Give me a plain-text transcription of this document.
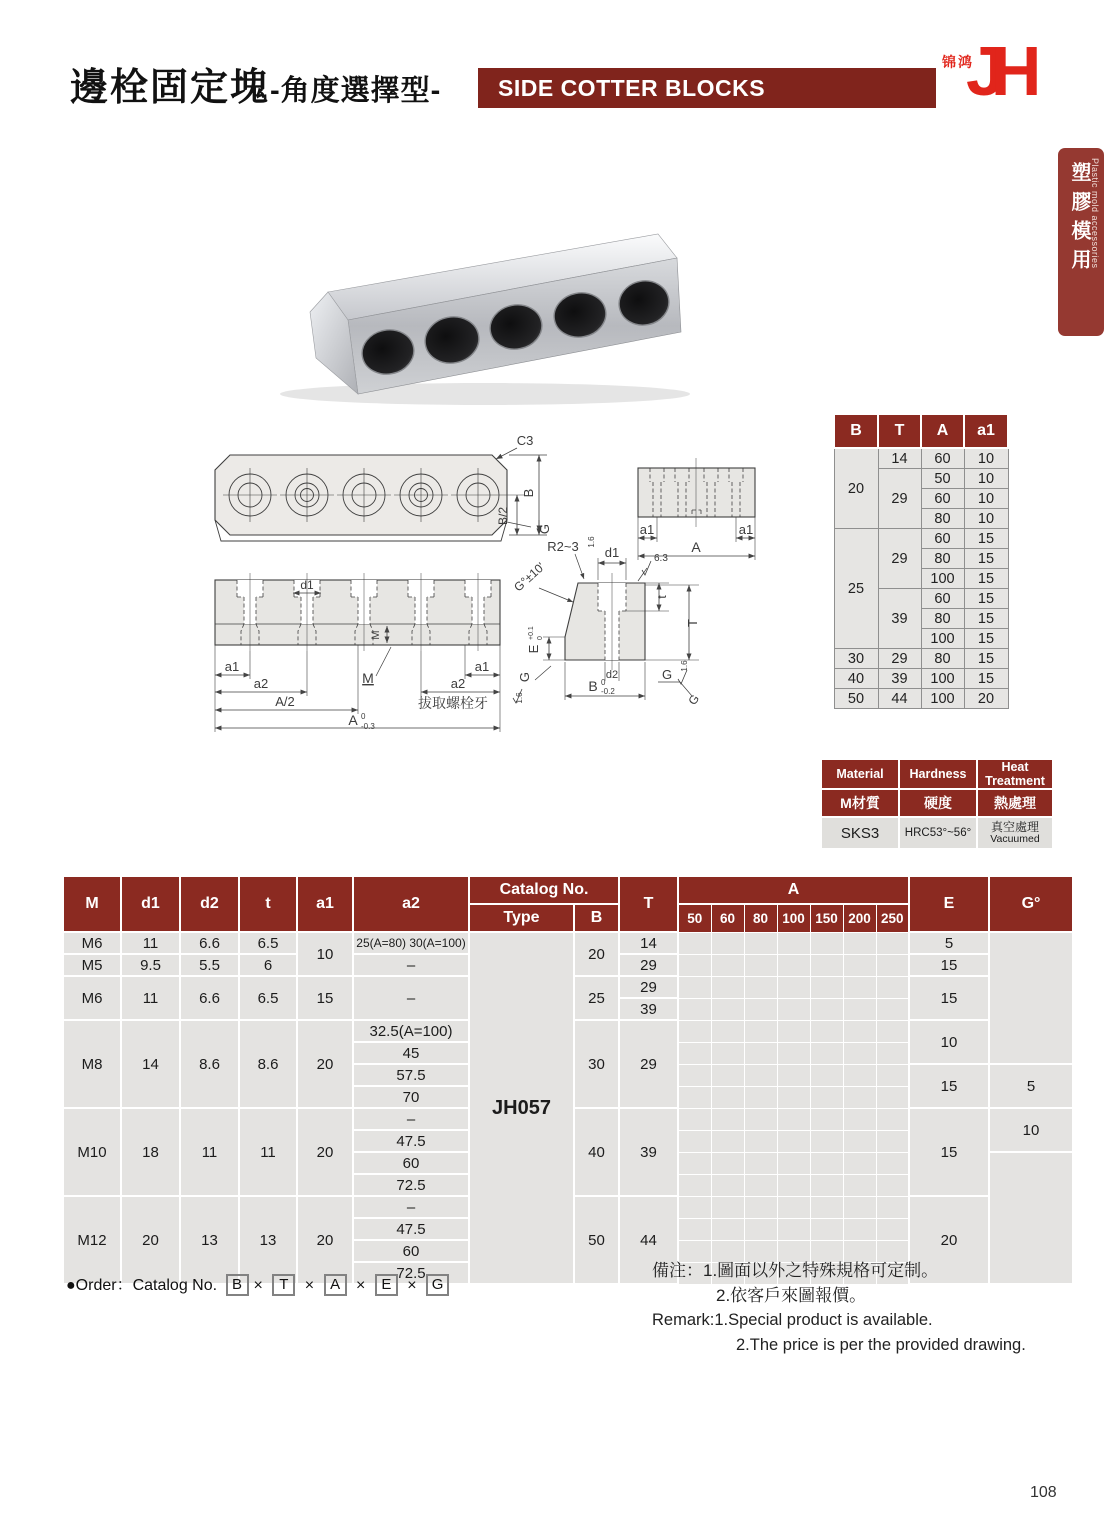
邊栓固定塊-角度選擇型- SIDE COTTER BLOCKS
锦鸿
JH
塑膠模用 Plastic mold accessories
C3
B/2
B
G
d1
M
a1	a1
a2	a2
A/2
A 0
-0.3
M
拔取螺栓牙
a1	a1
A
R2~3 1.6
G°±10'
d1	6.3
t
T
E
+0.1 0
G
1.6
d2
B 0
-0.2
G
1.6
G
B	T	A	a1
20	14	60	10
	29	50	10
		60	10
		80	10
25	29	60	15
		80	15
		100	15
	39	60	15
		80	15
		100	15
30	29	80	15
40	39	100	15
50	44	100	20
Material	Hardness	Heat Treatment
M材質	硬度	熱處理
SKS3	HRC53°~56°	真空處理
Vacuumed
M	d1	d2	t	a1	a2	Catalog No.		T	A							E	G°
						Type	B		50	60	80	100	150	200	250		
M6	11	6.6	6.5	10	25(A=80) 30(A=100)	JH057	20	14								5	
M5	9.5	5.5	6		–			29								15	
M6	11	6.6	6.5	15	–		25	29								15	
								39									
M8	14	8.6	8.6	20	32.5(A=100)		30	29								10	
					45												
					57.5											15	5
					70												
M10	18	11	11	20	–		40	39								15	10
					47.5												
					60												
					72.5												
M12	20	13	13	20	–		50	44								20	
					47.5												
					60												
					72.5												
●Order：Catalog No. B × T × A × E × G
備注：1.圖面以外之特殊規格可定制。
2.依客戶來圖報價。
Remark:1.Special product is available.
2.The price is per the provided drawing.
108
